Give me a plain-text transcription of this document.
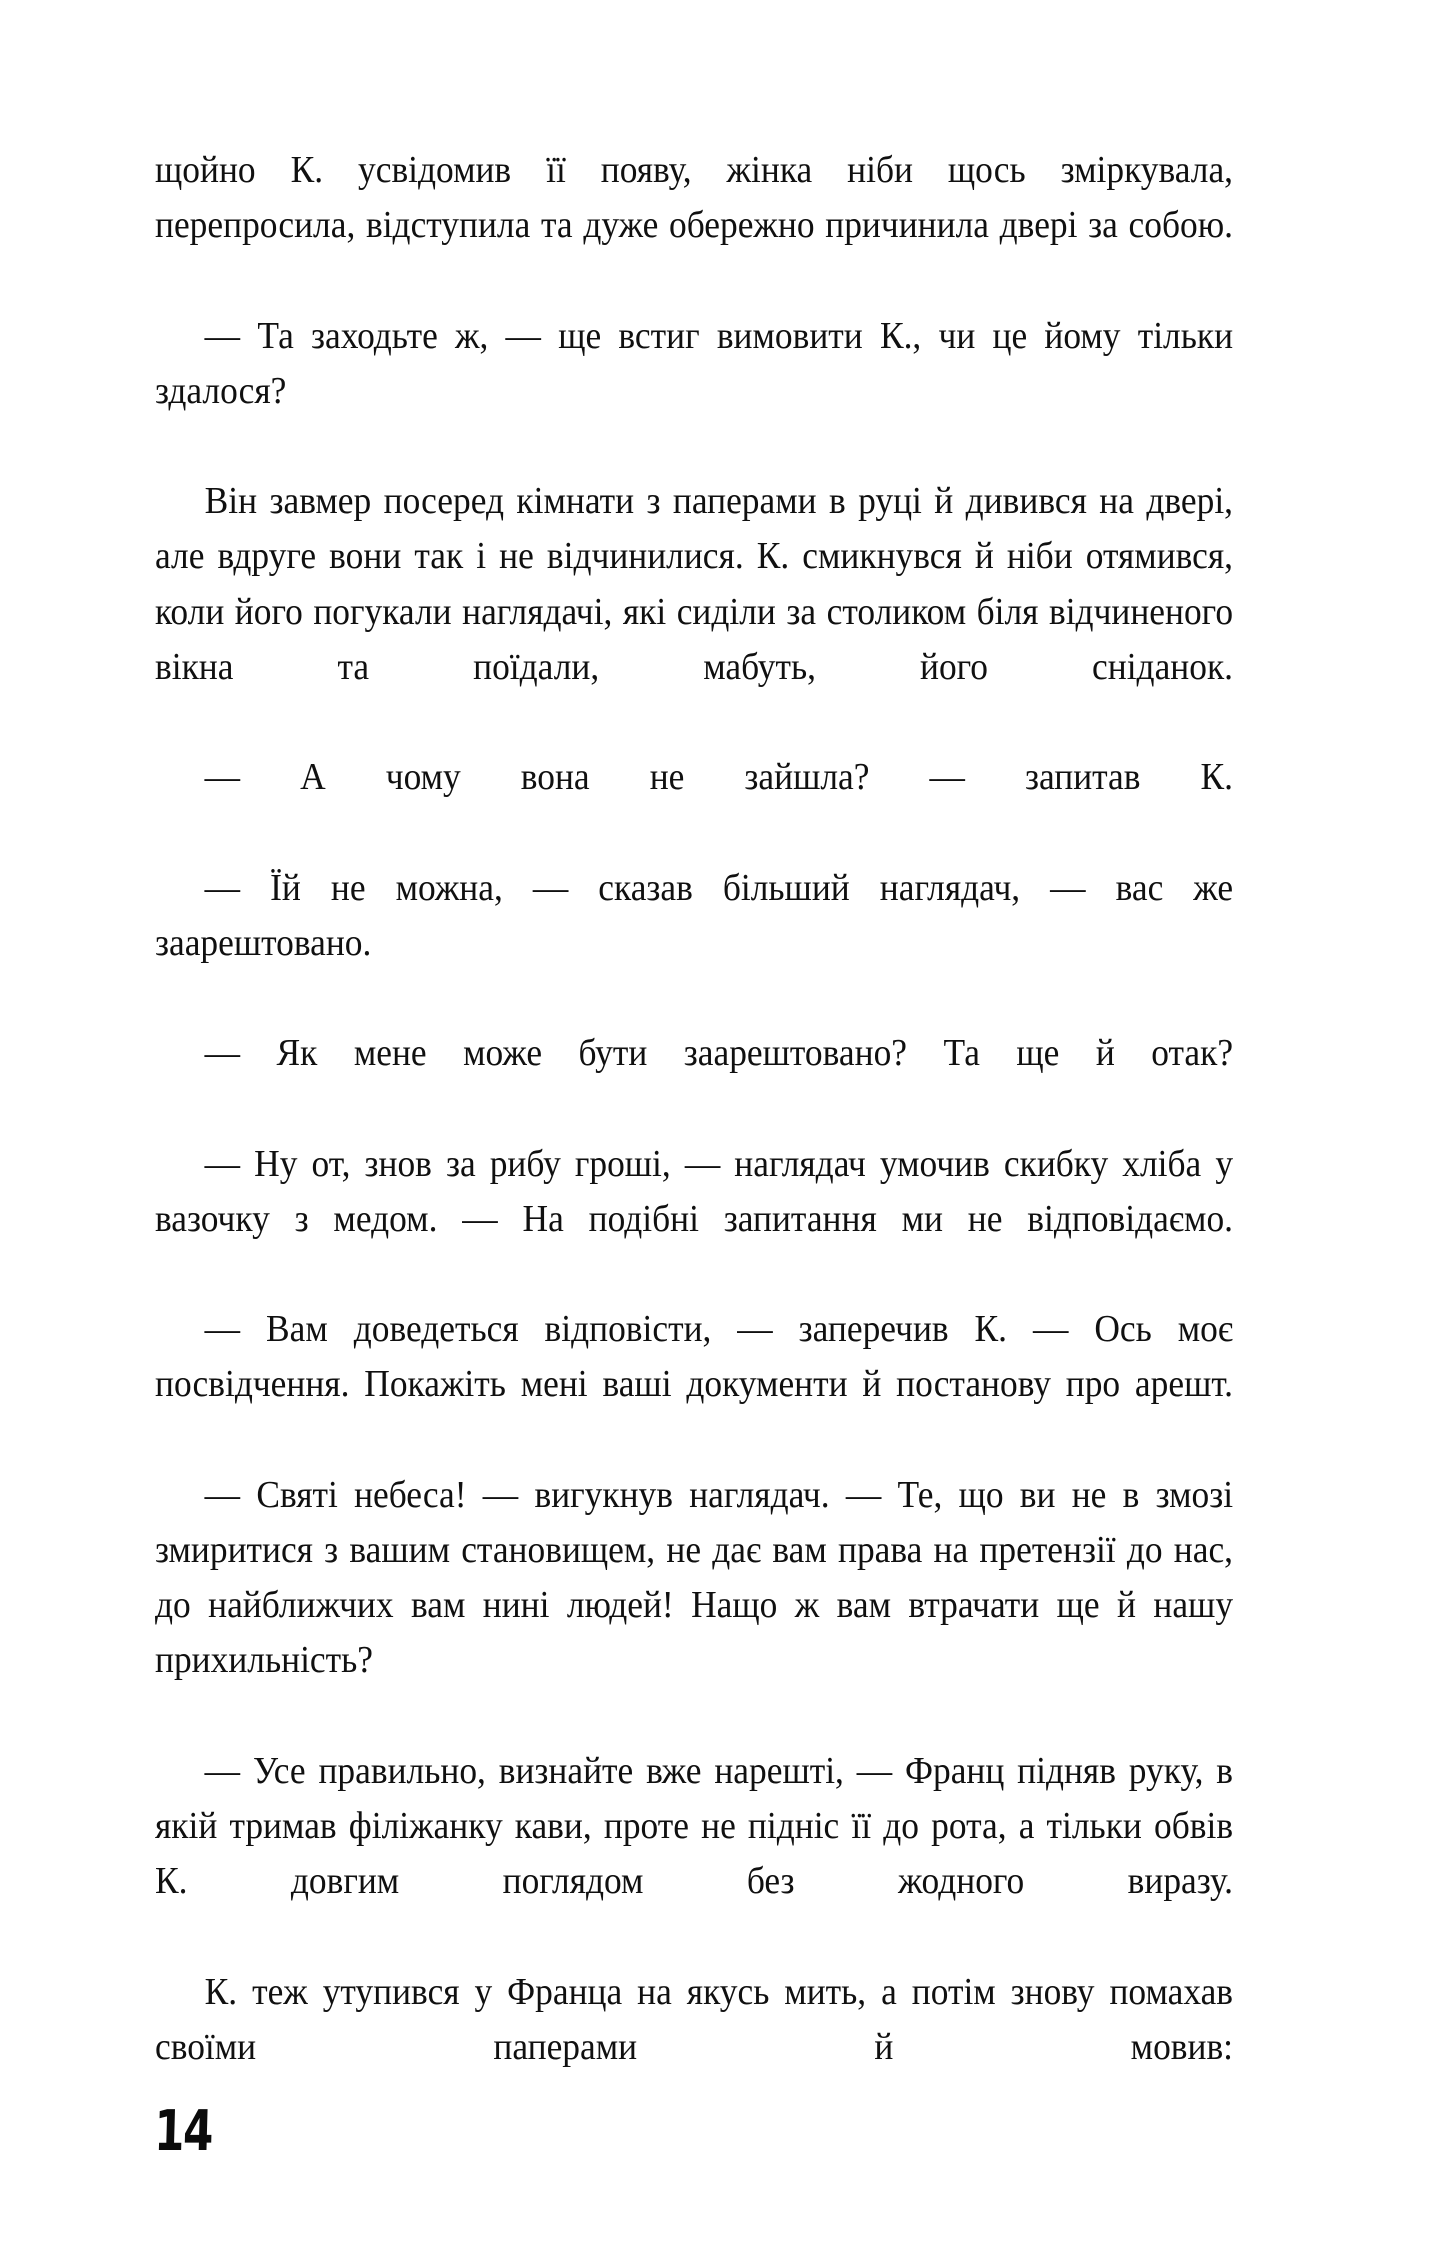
щойно К. усвідомив її появу, жінка ніби щось зміркувала, перепросила, відступила та дуже обережно причинила двері за собою.

— Та заходьте ж, — ще встиг вимовити К., чи це йому тільки здалося?

Він завмер посеред кімнати з паперами в руці й дивився на двері, але вдруге вони так і не відчинилися. К. смикнувся й ніби отямився, коли його погукали наглядачі, які сиділи за столиком біля відчиненого вікна та поїдали, мабуть, його сніданок.

— А чому вона не зайшла? — запитав К.

— Їй не можна, — сказав більший наглядач, — вас же заарештовано.

— Як мене може бути заарештовано? Та ще й отак?

— Ну от, знов за рибу гроші, — наглядач умочив скибку хліба у вазочку з медом. — На подібні запитання ми не відповідаємо.

— Вам доведеться відповісти, — заперечив К. — Ось моє посвідчення. Покажіть мені ваші документи й постанову про арешт.

— Святі небеса! — вигукнув наглядач. — Те, що ви не в змозі змиритися з вашим становищем, не дає вам права на претензії до нас, до найближчих вам нині людей! Нащо ж вам втрачати ще й нашу прихильність?

— Усе правильно, визнайте вже нарешті, — Франц підняв руку, в якій тримав філіжанку кави, проте не підніс її до рота, а тільки обвів К. довгим поглядом без жодного виразу.

К. теж утупився у Франца на якусь мить, а потім знову помахав своїми паперами й мовив:

14
